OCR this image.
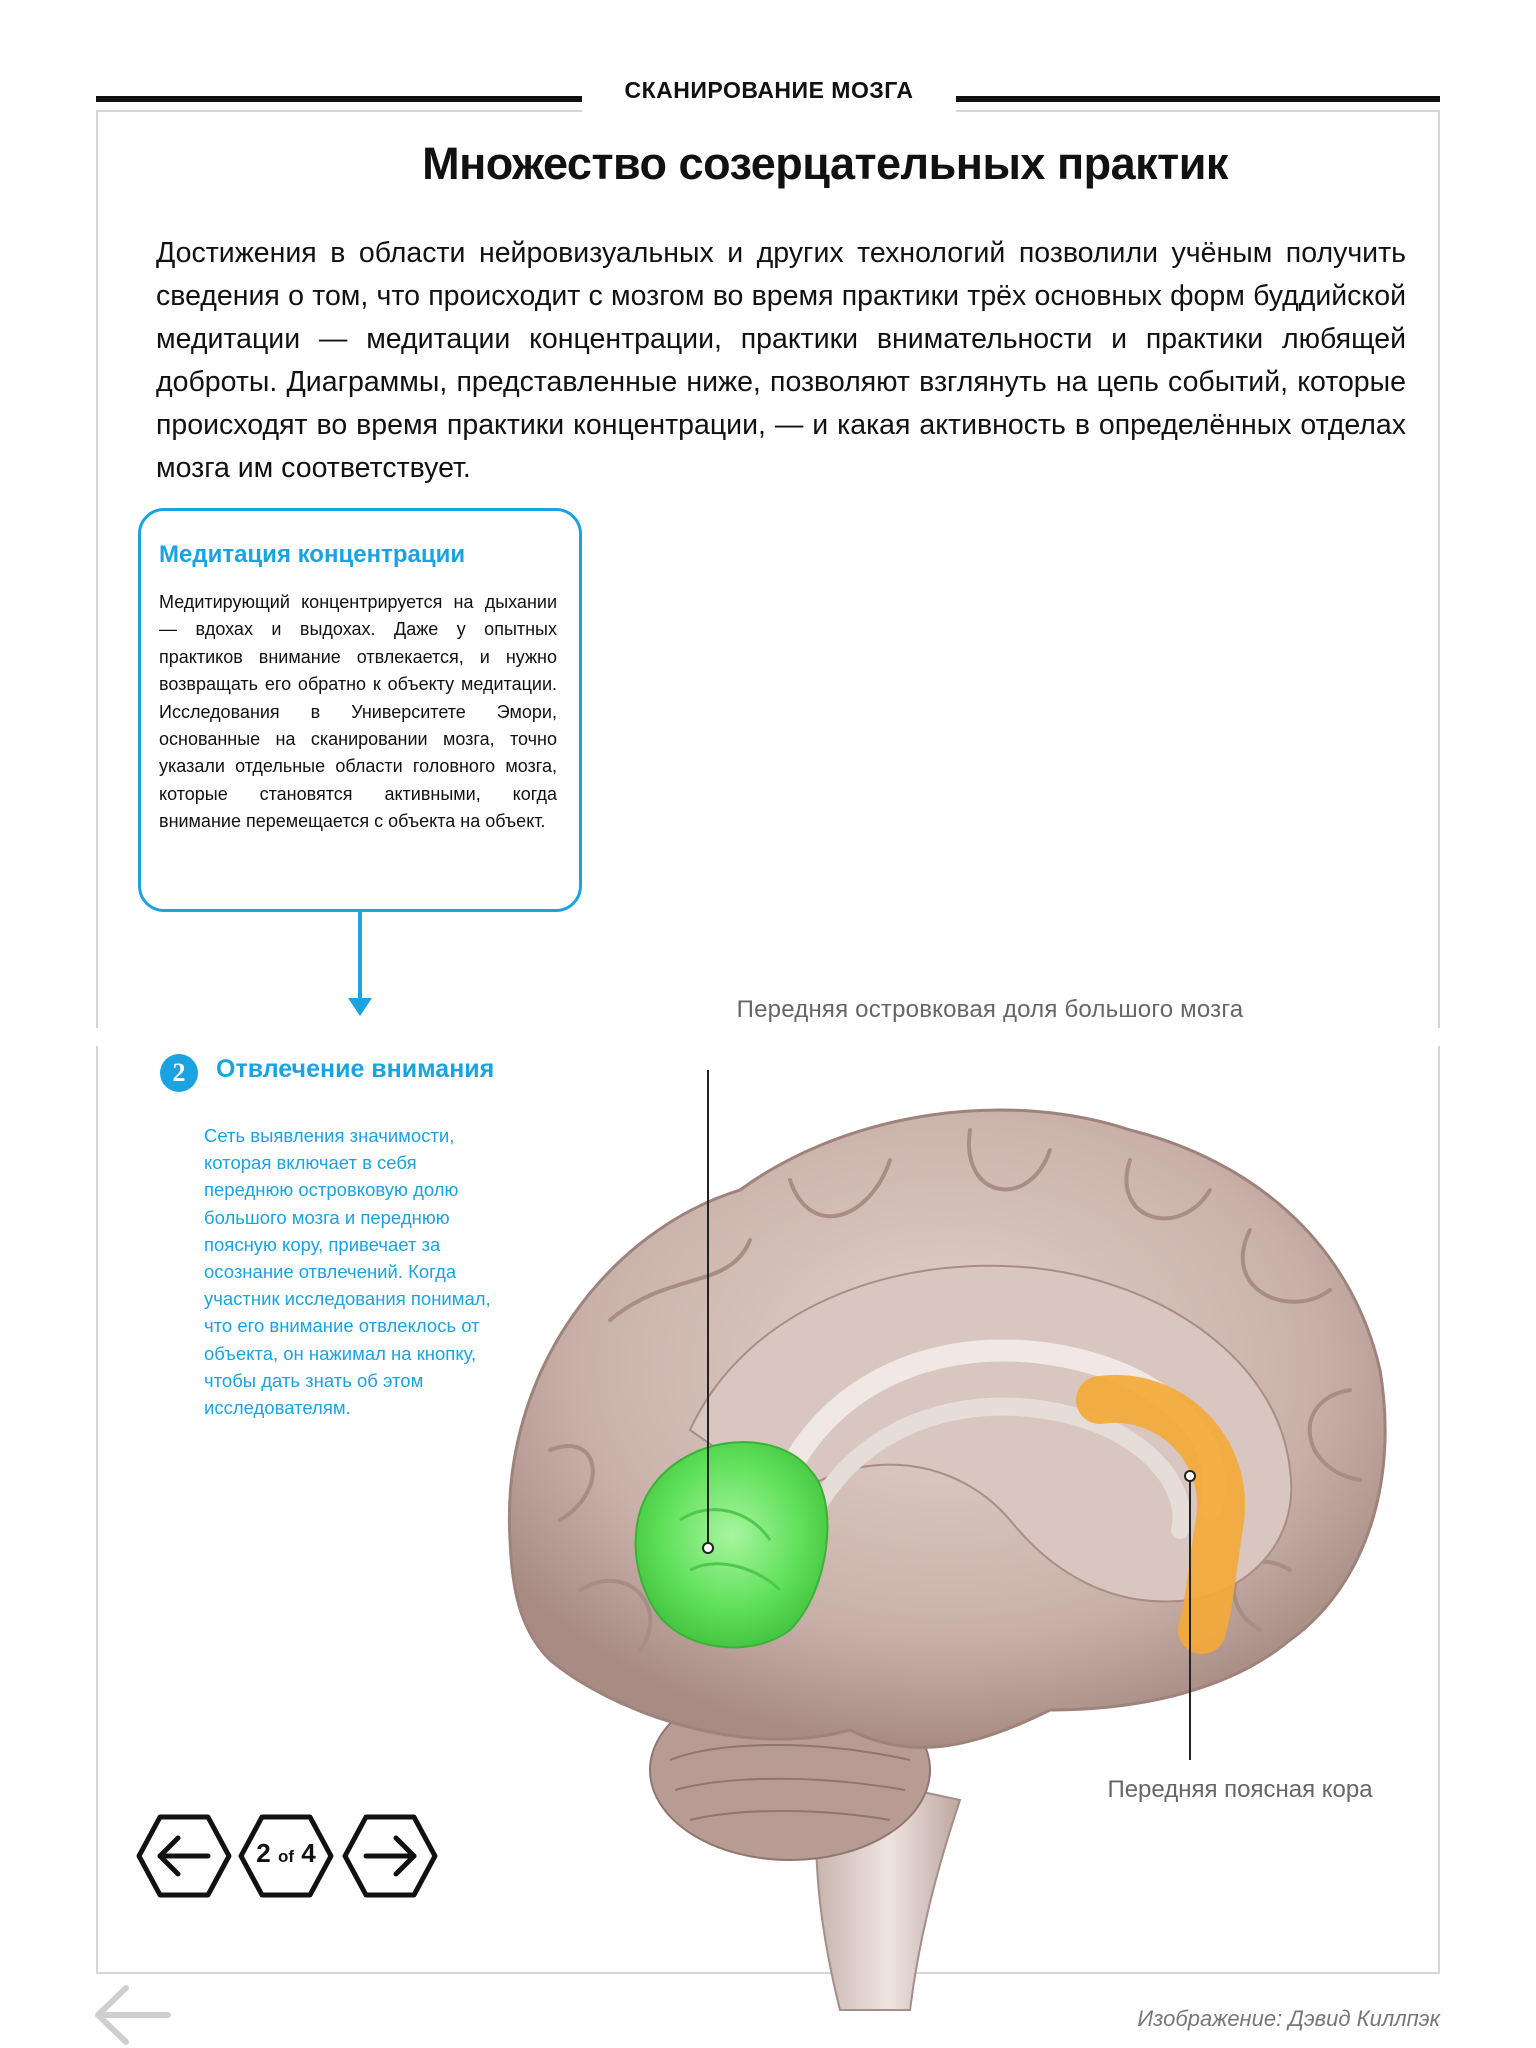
СКАНИРОВАНИЕ МОЗГА
Множество созерцательных практик
Достижения в области нейровизуальных и других технологий позволили учёным получить сведения о том, что происходит с мозгом во время практики трёх основных форм буддийской медитации — медитации концентрации, практики внимательности и практики любящей доброты. Диаграммы, представленные ниже, позволяют взглянуть на цепь событий, которые происходят во время практики концентрации, — и какая активность в определённых отделах мозга им соответствует.
Медитация концентрации

Медитирующий концентрируется на дыхании — вдохах и выдохах. Даже у опытных практиков внимание отвлекается, и нужно возвращать его обратно к объекту медитации. Исследования в Университете Эмори, основанные на сканировании мозга, точно указали отдельные области головного мозга, которые становятся активными, когда внимание перемещается с объекта на объект.

2	Отвлечение внимания
Сеть выявления значимости, которая включает в себя переднюю островковую долю большого мозга и переднюю поясную кору, привечает за осознание отвлечений. Когда участник исследования понимал, что его внимание отвлеклось от объекта, он нажимал на кнопку, чтобы дать знать об этом исследователям.
Передняя островковая доля большого мозга
Передняя поясная кора
2 of 4
Изображение: Дэвид Киллпэк
